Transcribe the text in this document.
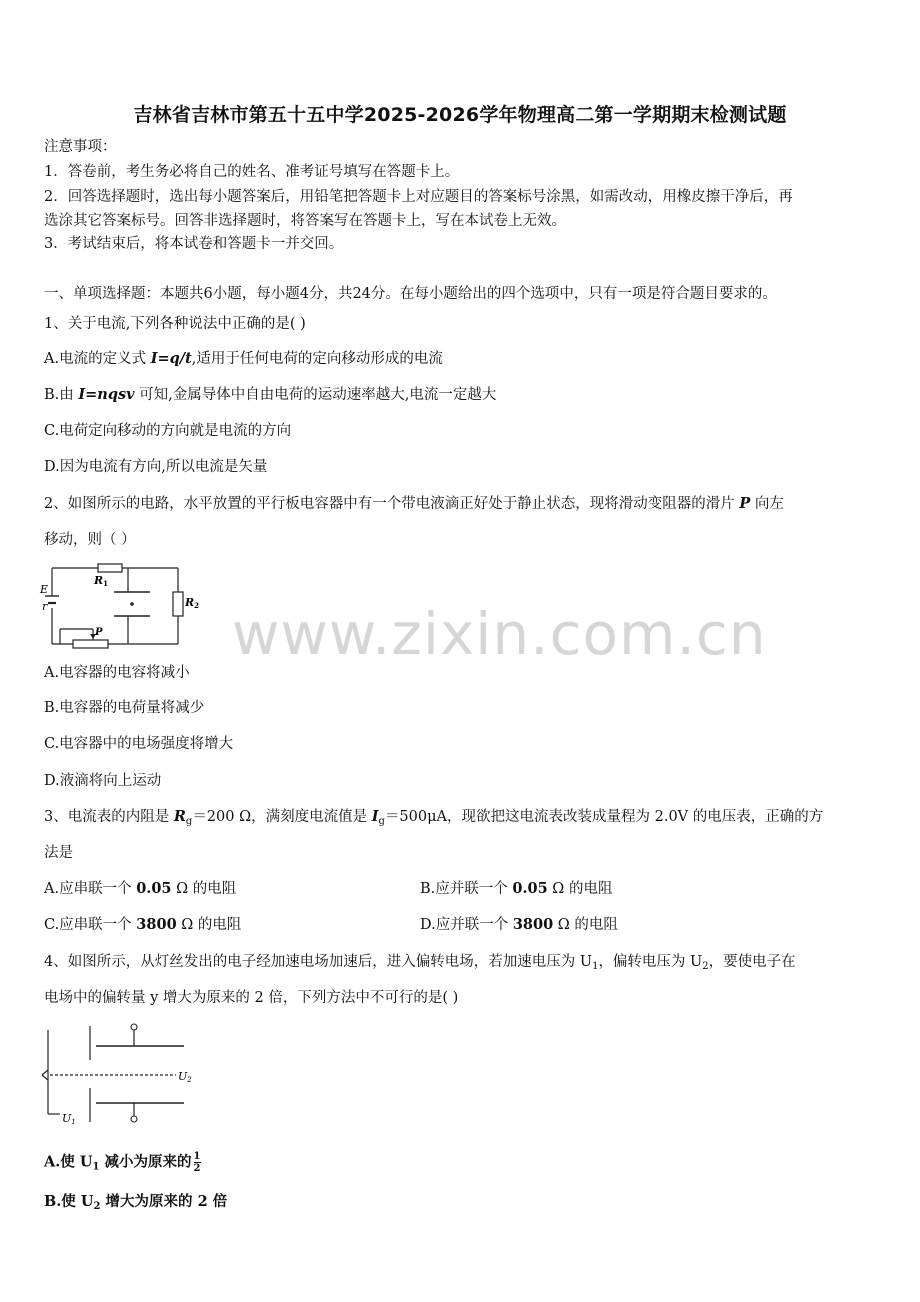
吉林省吉林市第五十五中学2025-2026学年物理高二第一学期期末检测试题
注意事项：
1．答卷前，考生务必将自己的姓名、准考证号填写在答题卡上。
2．回答选择题时，选出每小题答案后，用铅笔把答题卡上对应题目的答案标号涂黑，如需改动，用橡皮擦干净后，再
选涂其它答案标号。回答非选择题时，将答案写在答题卡上，写在本试卷上无效。
3．考试结束后，将本试卷和答题卡一并交回。
一、单项选择题：本题共6小题，每小题4分，共24分。在每小题给出的四个选项中，只有一项是符合题目要求的。
1、关于电流,下列各种说法中正确的是( )
A.电流的定义式 I=q/t,适用于任何电荷的定向移动形成的电流
B.由 I=nqsv 可知,金属导体中自由电荷的运动速率越大,电流一定越大
C.电荷定向移动的方向就是电流的方向
D.因为电流有方向,所以电流是矢量
2、如图所示的电路，水平放置的平行板电容器中有一个带电液滴正好处于静止状态，现将滑动变阻器的滑片 P 向左
移动，则（ ）
E
r
R1
R2
P www.zixin.com.cn
A.电容器的电容将减小
B.电容器的电荷量将减少
C.电容器中的电场强度将增大
D.液滴将向上运动
3、电流表的内阻是 $R_g=200$ Ω，满刻度电流值是 $I_g=500\mu A$，现欲把这电流表改装成量程为 2.0V 的电压表，正确的方
法是
A.应串联一个 0.05 Ω 的电阻	B.应并联一个 0.05 Ω 的电阻
C.应串联一个 3800 Ω 的电阻	D.应并联一个 3800 Ω 的电阻
4、如图所示，从灯丝发出的电子经加速电场加速后，进入偏转电场，若加速电压为 $U_1$，偏转电压为 $U_2$，要使电子在
电场中的偏转量 y 增大为原来的 2 倍，下列方法中不可行的是( )
U2
U1
A.使 $U_1$ 减小为原来的 $\frac{1}{2}$
B.使 $U_2$ 增大为原来的 2 倍
